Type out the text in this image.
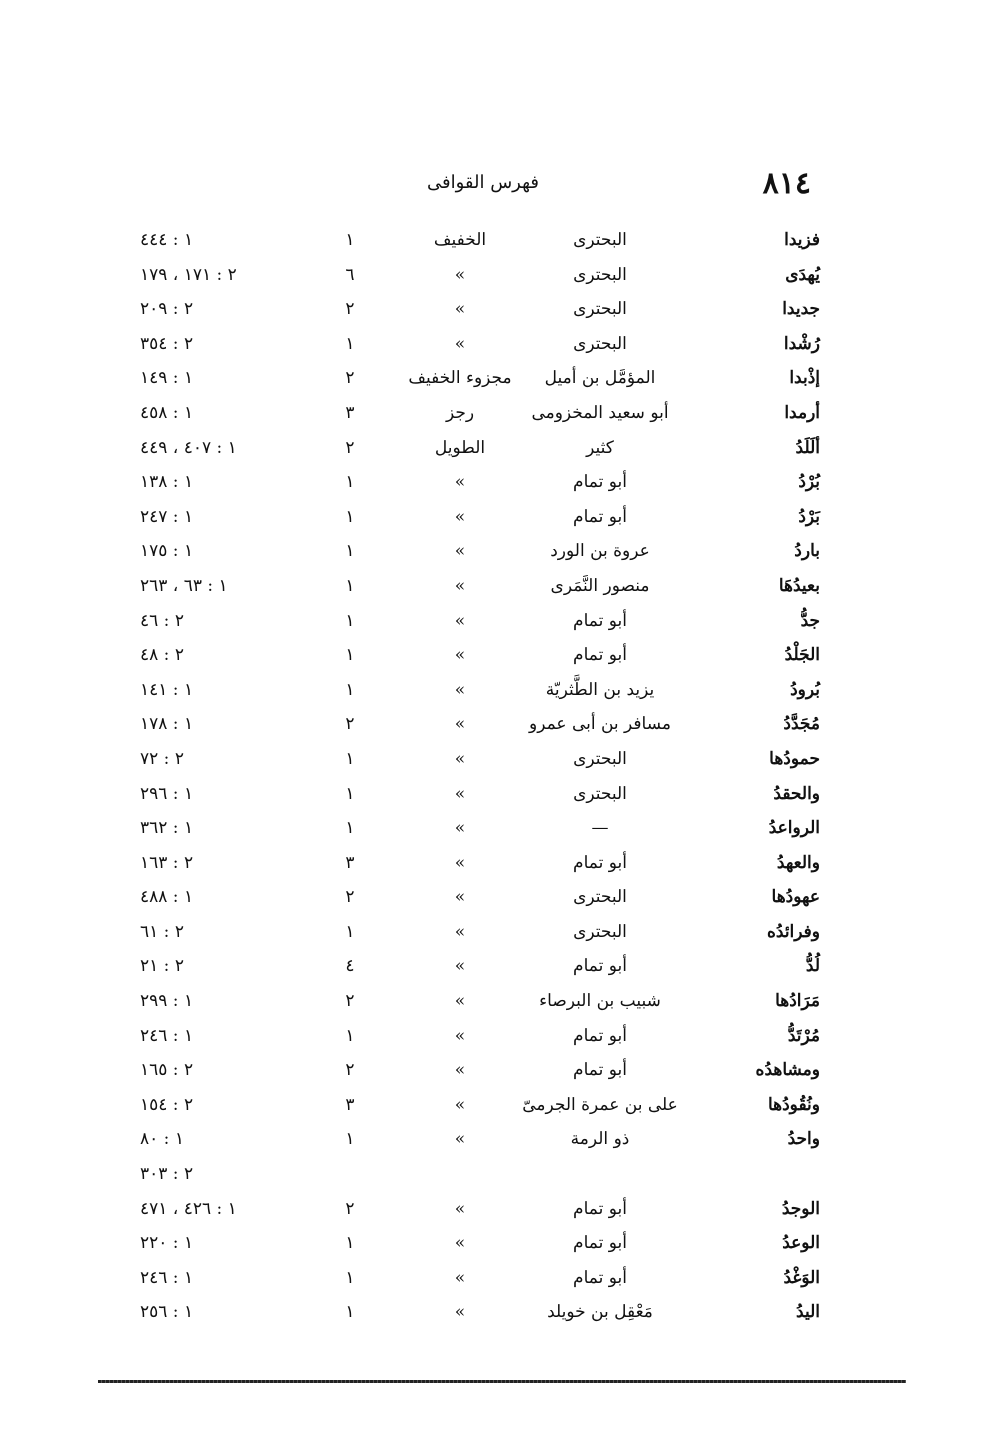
٨١٤
فهرس القوافى
فزيدا
البحترى
الخفيف
١
١ : ٤٤٤
يُهدَى
البحترى
»
٦
٢ : ١٧١ ، ١٧٩
جديدا
البحترى
»
٢
٢ : ٢٠٩
رُشْدا
البحترى
»
١
٢ : ٣٥٤
إذْبدا
المؤمَّل بن أميل
مجزوء الخفيف
٢
١ : ١٤٩
أرمدا
أبو سعيد المخزومى
رجز
٣
١ : ٤٥٨
ألَلَدُ
كثير
الطويل
٢
١ : ٤٠٧ ، ٤٤٩
بُرْدُ
أبو تمام
»
١
١ : ١٣٨
بَرْدُ
أبو تمام
»
١
١ : ٢٤٧
باردُ
عروة بن الورد
»
١
١ : ١٧٥
بعيدُهَا
منصور النَّمَرى
»
١
١ : ٦٣ ، ٢٦٣
جدُّ
أبو تمام
»
١
٢ : ٤٦
الجَلْدُ
أبو تمام
»
١
٢ : ٤٨
بُرودُ
يزيد بن الطَّثريّة
»
١
١ : ١٤١
مُجَدَّدُ
مسافر بن أبى عمرو
»
٢
١ : ١٧٨
حمودُها
البحترى
»
١
٢ : ٧٢
والحقدُ
البحترى
»
١
١ : ٢٩٦
الرواعدُ
—
»
١
١ : ٣٦٢
والعهدُ
أبو تمام
»
٣
٢ : ١٦٣
عهودُها
البحترى
»
٢
١ : ٤٨٨
وفرائدُه
البحترى
»
١
٢ : ٦١
لُدُّ
أبو تمام
»
٤
٢ : ٢١
مَرَادُها
شبيب بن البرصاء
»
٢
١ : ٢٩٩
مُرْتَدُّ
أبو تمام
»
١
١ : ٢٤٦
ومشاهدُه
أبو تمام
»
٢
٢ : ١٦٥
ونُقُودُها
على بن عمرة الجرمىّ
»
٣
٢ : ١٥٤
واحدُ
ذو الرمة
»
١
١ : ٨٠
٢ : ٣٠٣
الوجدُ
أبو تمام
»
٢
١ : ٤٢٦ ، ٤٧١
الوعدُ
أبو تمام
»
١
١ : ٢٢٠
الوَغْدُ
أبو تمام
»
١
١ : ٢٤٦
اليدُ
مَعْقِل بن خويلد
»
١
١ : ٢٥٦
